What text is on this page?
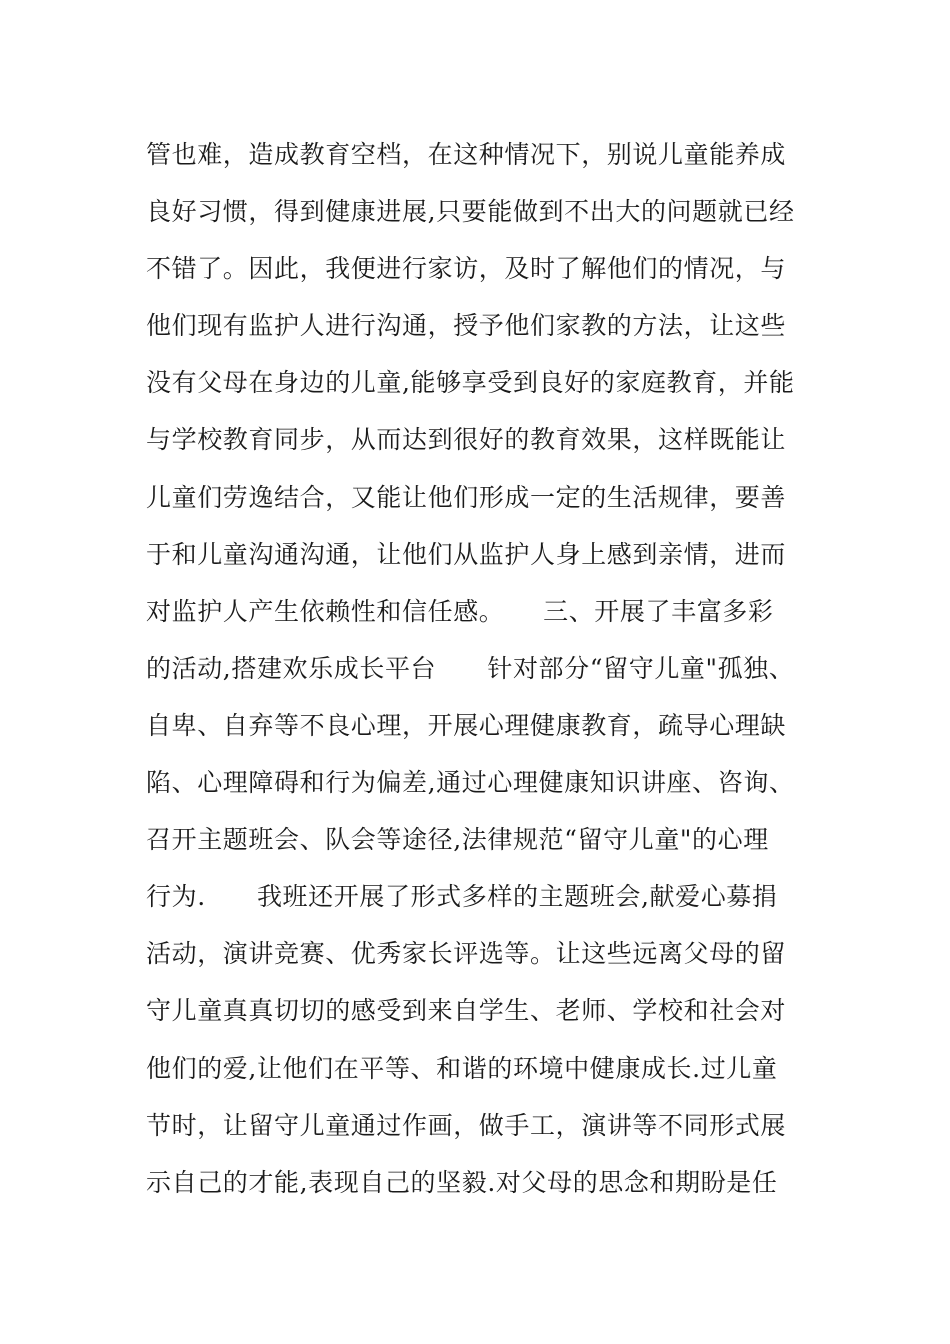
管也难，造成教育空档，在这种情况下，别说儿童能养成
良好习惯，得到健康进展,只要能做到不出大的问题就已经
不错了。因此，我便进行家访，及时了解他们的情况，与
他们现有监护人进行沟通，授予他们家教的方法，让这些
没有父母在身边的儿童,能够享受到良好的家庭教育，并能
与学校教育同步，从而达到很好的教育效果，这样既能让
儿童们劳逸结合，又能让他们形成一定的生活规律，要善
于和儿童沟通沟通，让他们从监护人身上感到亲情，进而
对监护人产生依赖性和信任感。　　三、开展了丰富多彩
的活动,搭建欢乐成长平台　　针对部分“留守儿童"孤独、
自卑、自弃等不良心理，开展心理健康教育，疏导心理缺
陷、心理障碍和行为偏差,通过心理健康知识讲座、咨询、
召开主题班会、队会等途径,法律规范“留守儿童"的心理
行为.　　我班还开展了形式多样的主题班会,献爱心募捐
活动，演讲竞赛、优秀家长评选等。让这些远离父母的留
守儿童真真切切的感受到来自学生、老师、学校和社会对
他们的爱,让他们在平等、和谐的环境中健康成长.过儿童
节时，让留守儿童通过作画，做手工，演讲等不同形式展
示自己的才能,表现自己的坚毅.对父母的思念和期盼是任
